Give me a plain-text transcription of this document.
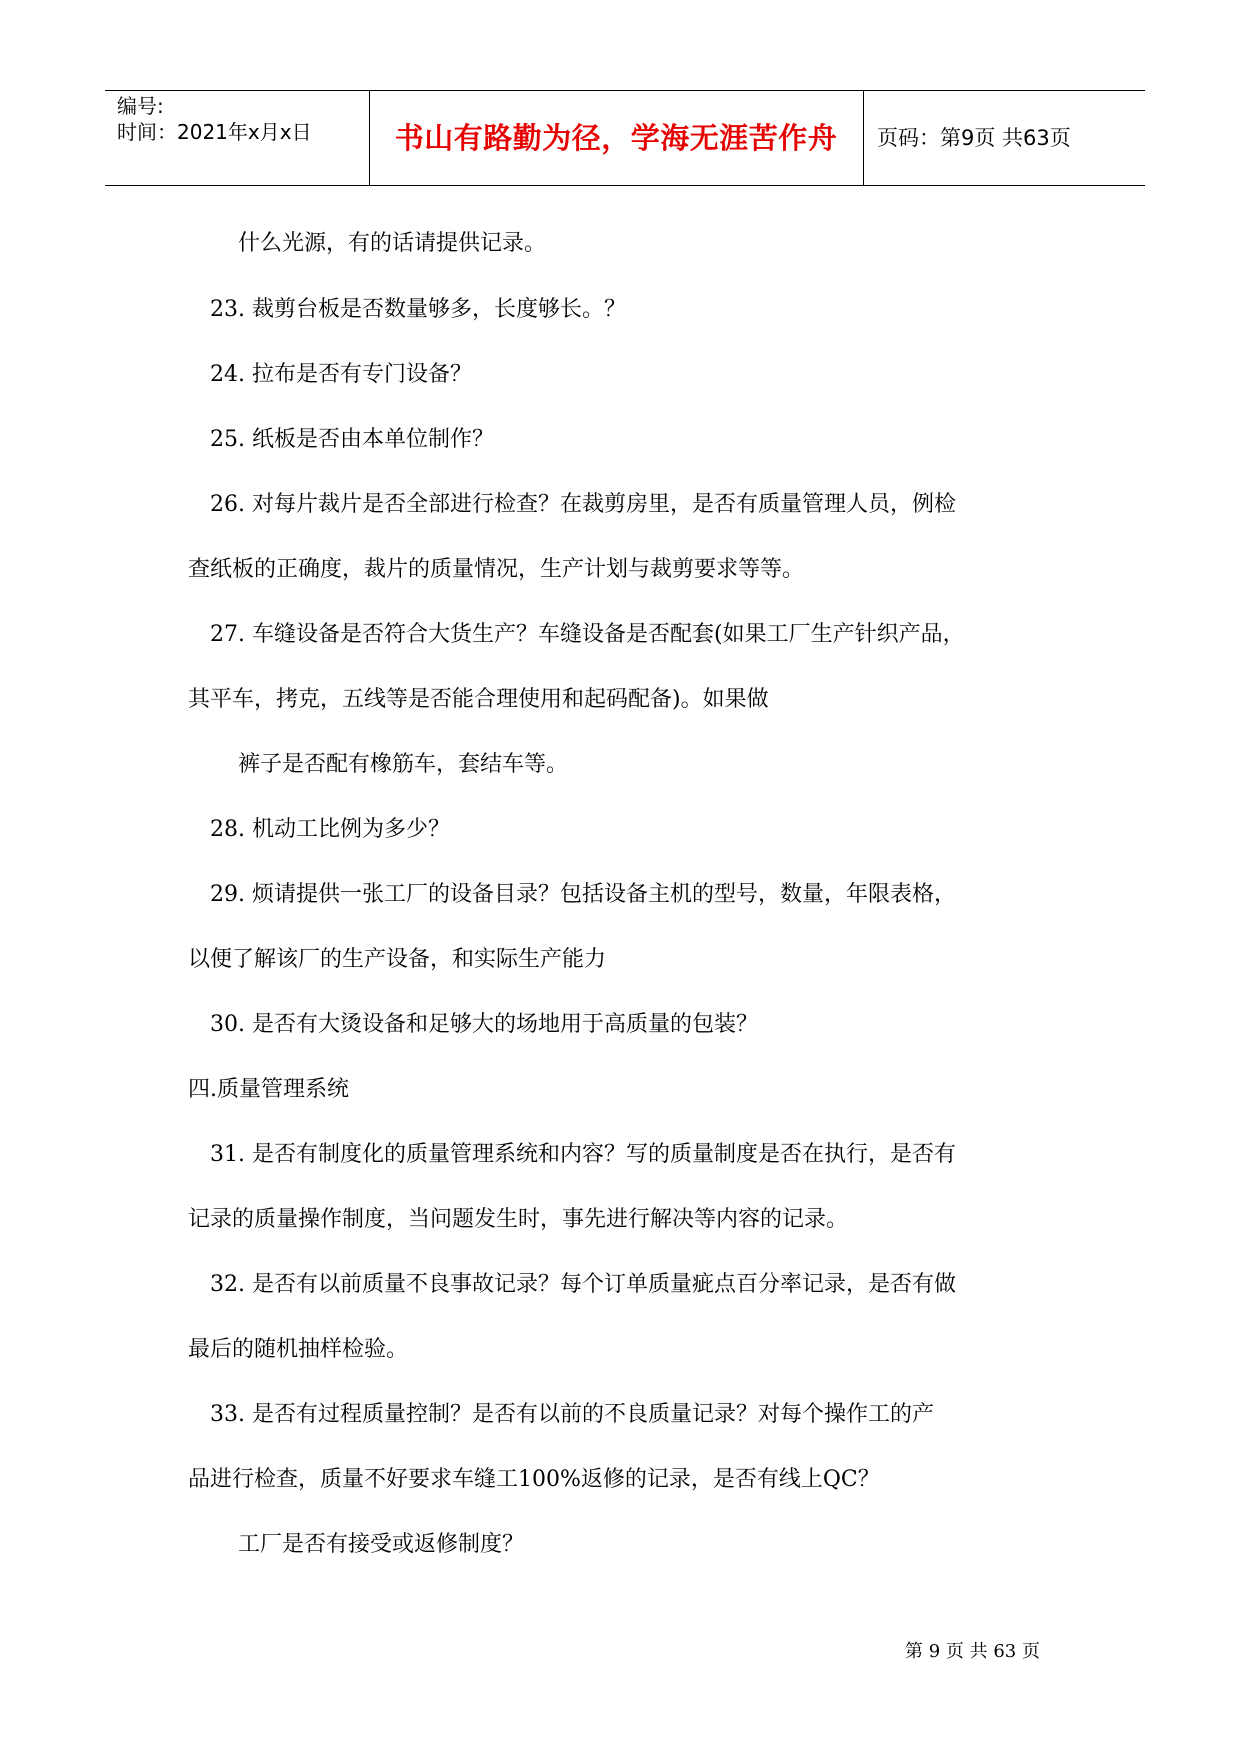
编号:
时间：2021年x月x日	书山有路勤为径，学海无涯苦作舟	页码：第9页 共63页
什么光源，有的话请提供记录。
23. 裁剪台板是否数量够多，长度够长。？
24. 拉布是否有专门设备？
25. 纸板是否由本单位制作？
26. 对每片裁片是否全部进行检查？在裁剪房里，是否有质量管理人员，例检
查纸板的正确度，裁片的质量情况，生产计划与裁剪要求等等。
27. 车缝设备是否符合大货生产？车缝设备是否配套(如果工厂生产针织产品，
其平车，拷克，五线等是否能合理使用和起码配备)。如果做
裤子是否配有橡筋车，套结车等。
28. 机动工比例为多少？
29. 烦请提供一张工厂的设备目录？包括设备主机的型号，数量，年限表格，
以便了解该厂的生产设备，和实际生产能力
30. 是否有大烫设备和足够大的场地用于高质量的包装？
四.质量管理系统
31. 是否有制度化的质量管理系统和内容？写的质量制度是否在执行，是否有
记录的质量操作制度，当问题发生时，事先进行解决等内容的记录。
32. 是否有以前质量不良事故记录？每个订单质量疵点百分率记录，是否有做
最后的随机抽样检验。
33. 是否有过程质量控制？是否有以前的不良质量记录？对每个操作工的产
品进行检查，质量不好要求车缝工100%返修的记录，是否有线上QC？
工厂是否有接受或返修制度？
第 9 页 共 63 页
